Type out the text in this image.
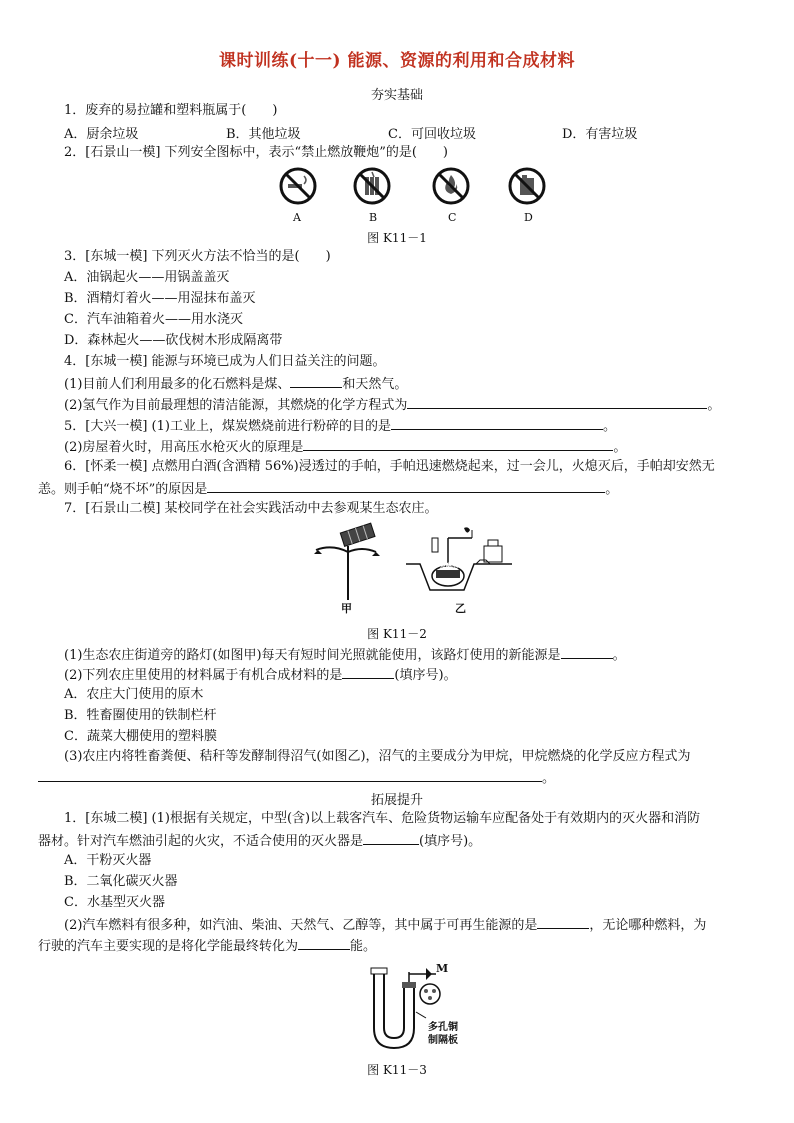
课时训练(十一) 能源、资源的利用和合成材料
夯实基础
1．废弃的易拉罐和塑料瓶属于(　　)
A．厨余垃圾	B．其他垃圾	C．可回收垃圾	D．有害垃圾
2．[石景山一模] 下列安全图标中，表示“禁止燃放鞭炮”的是(　　)
A	B	C	D
图 K11－1
3．[东城一模] 下列灭火方法不恰当的是(　　)
A．油锅起火——用锅盖盖灭
B．酒精灯着火——用湿抹布盖灭
C．汽车油箱着火——用水浇灭
D．森林起火——砍伐树木形成隔离带
4．[东城一模] 能源与环境已成为人们日益关注的问题。
(1)目前人们利用最多的化石燃料是煤、	和天然气。
(2)氢气作为目前最理想的清洁能源，其燃烧的化学方程式为	。
5．[大兴一模] (1)工业上，煤炭燃烧前进行粉碎的目的是	。
(2)房屋着火时，用高压水枪灭火的原理是	。
6．[怀柔一模] 点燃用白酒(含酒精 56%)浸透过的手帕，手帕迅速燃烧起来，过一会儿，火熄灭后，手帕却安然无
恙。则手帕“烧不坏”的原因是	。
7．[石景山二模] 某校同学在社会实践活动中去参观某生态农庄。
发酵池
甲	乙
图 K11－2
(1)生态农庄街道旁的路灯(如图甲)每天有短时间光照就能使用，该路灯使用的新能源是	。
(2)下列农庄里使用的材料属于有机合成材料的是	(填序号)。
A．农庄大门使用的原木
B．牲畜圈使用的铁制栏杆
C．蔬菜大棚使用的塑料膜
(3)农庄内将牲畜粪便、秸秆等发酵制得沼气(如图乙)，沼气的主要成分为甲烷，甲烷燃烧的化学反应方程式为
。
拓展提升
1．[东城二模] (1)根据有关规定，中型(含)以上载客汽车、危险货物运输车应配备处于有效期内的灭火器和消防
器材。针对汽车燃油引起的火灾，不适合使用的灭火器是	(填序号)。
A．干粉灭火器
B．二氧化碳灭火器
C．水基型灭火器
(2)汽车燃料有很多种，如汽油、柴油、天然气、乙醇等，其中属于可再生能源的是	，无论哪种燃料，为
行驶的汽车主要实现的是将化学能最终转化为	能。
M
多孔铜
制隔板
图 K11－3
